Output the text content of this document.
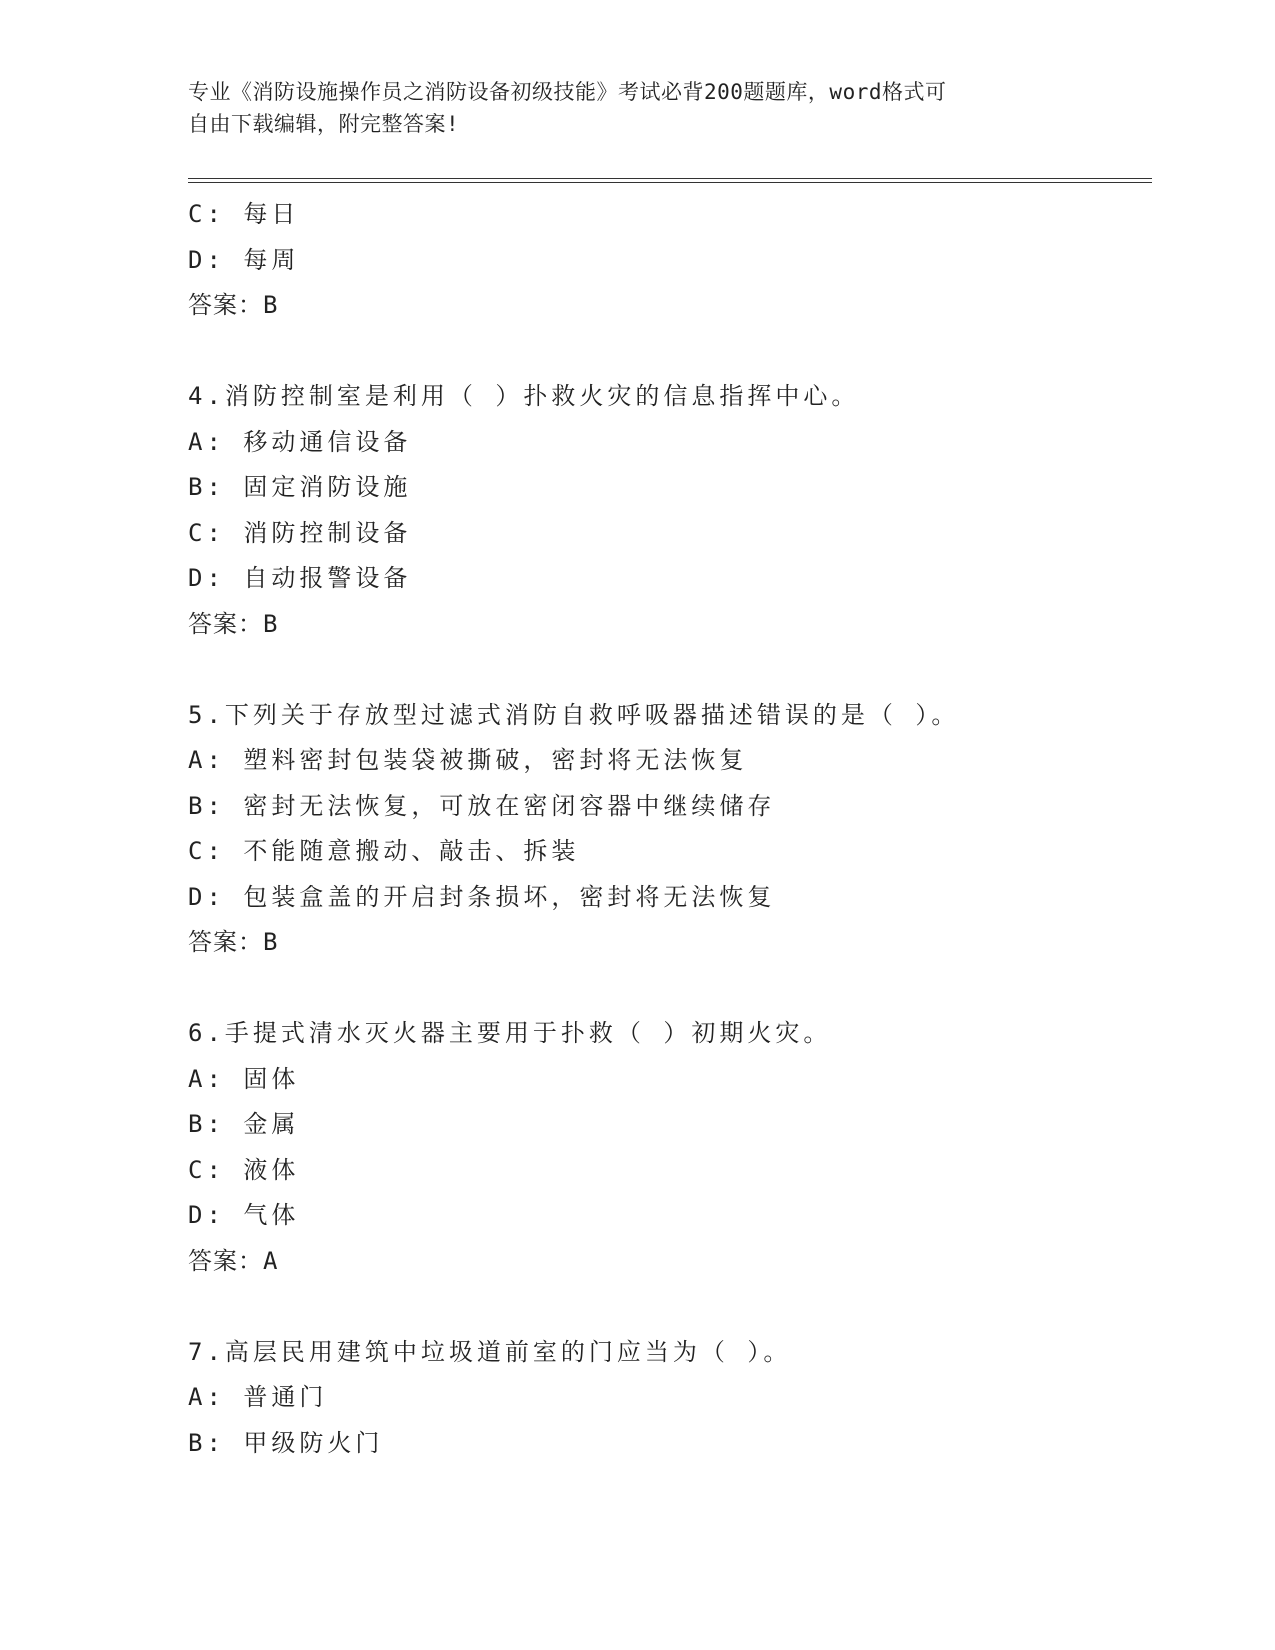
专业《消防设施操作员之消防设备初级技能》考试必背200题题库，word格式可
自由下载编辑，附完整答案!
C: 每日
D: 每周
答案：B
4.消防控制室是利用（ ）扑救火灾的信息指挥中心。
A: 移动通信设备
B: 固定消防设施
C: 消防控制设备
D: 自动报警设备
答案：B
5.下列关于存放型过滤式消防自救呼吸器描述错误的是（ ）。
A: 塑料密封包装袋被撕破，密封将无法恢复
B: 密封无法恢复，可放在密闭容器中继续储存
C: 不能随意搬动、敲击、拆装
D: 包装盒盖的开启封条损坏，密封将无法恢复
答案：B
6.手提式清水灭火器主要用于扑救（ ）初期火灾。
A: 固体
B: 金属
C: 液体
D: 气体
答案：A
7.高层民用建筑中垃圾道前室的门应当为（ ）。
A: 普通门
B: 甲级防火门
